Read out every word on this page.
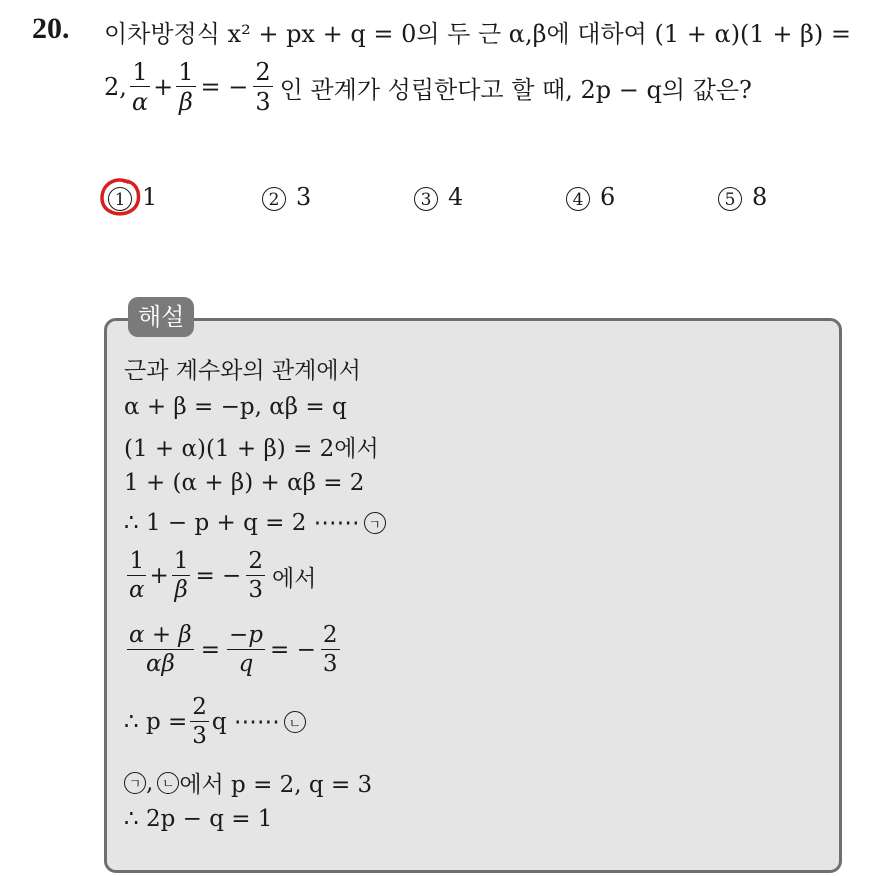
20. 이차방정식 x² + px + q = 0의 두 근 α,β에 대하여 (1 + α)(1 + β) =
2, $\frac{1}{\alpha} + \frac{1}{\beta}$ = − $\frac{2}{3}$ 인 관계가 성립한다고 할 때, 2p − q의 값은?
1 1	2 3	3 4	4 6	5 8
해설
근과 계수와의 관계에서
α + β = −p, αβ = q
(1 + α)(1 + β) = 2에서
1 + (α + β) + αβ = 2
∴ 1 − p + q = 2 ⋯⋯ ㄱ
$\frac{1}{\alpha} + \frac{1}{\beta}$ = − $\frac{2}{3}$ 에서
$\frac{\alpha + \beta}{\alpha\beta} = \frac{-p}{q}$ = − $\frac{2}{3}$
∴ $p = \frac{2}{3}$ q ⋯⋯ ㄴ
ㄱ , ㄴ 에서 p = 2, q = 3
∴ 2p − q = 1
